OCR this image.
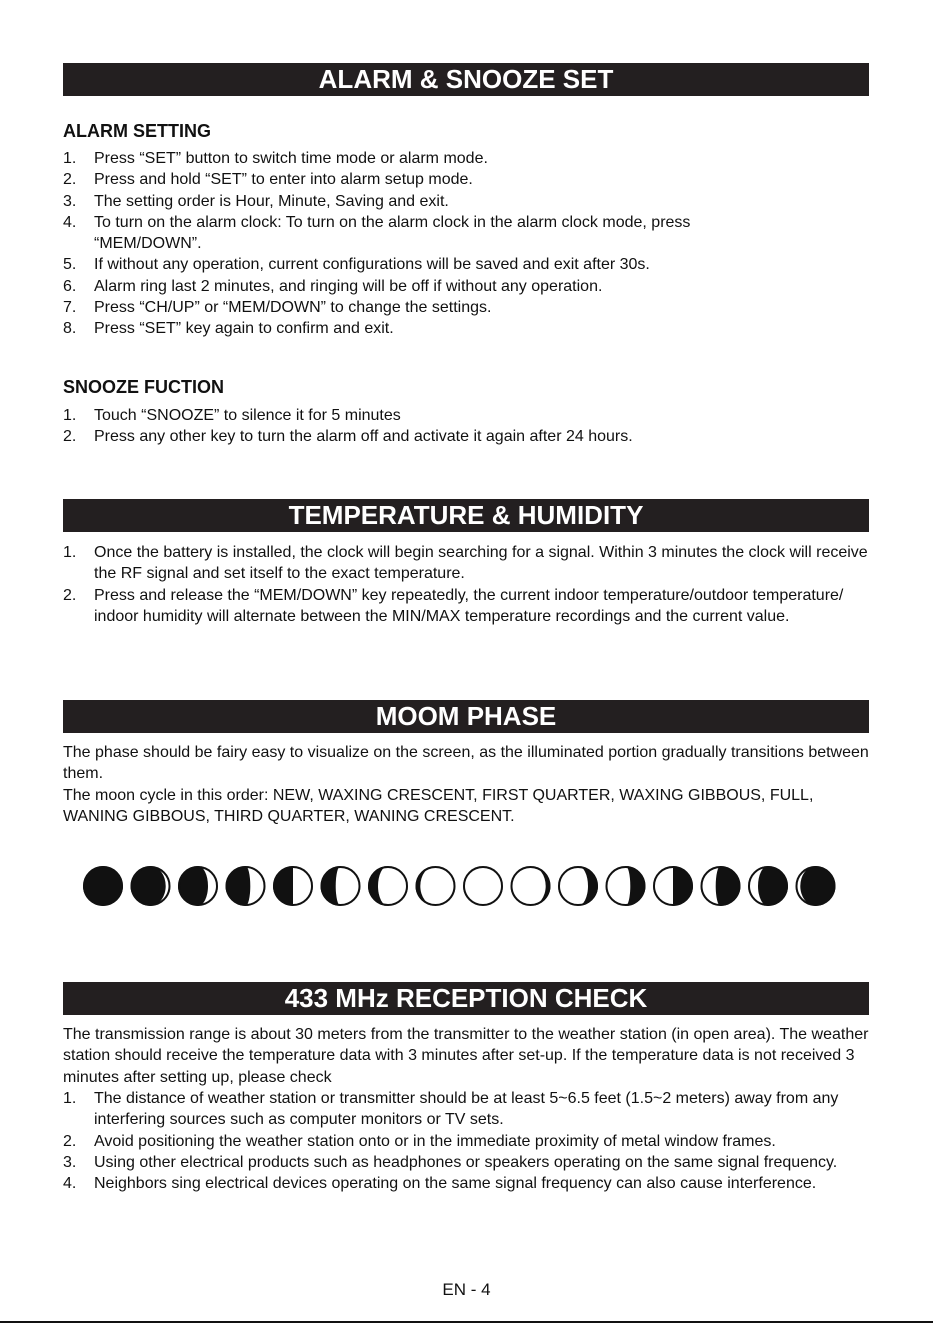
ALARM & SNOOZE SET
ALARM SETTING
1. Press “SET” button to switch time mode or alarm mode.
2. Press and hold “SET” to enter into alarm setup mode.
3. The setting order is Hour, Minute, Saving and exit.
4. To turn on the alarm clock: To turn on the alarm clock in the alarm clock mode, press “MEM/DOWN”.
5. If without any operation, current configurations will be saved and exit after 30s.
6. Alarm ring last 2 minutes, and ringing will be off if without any operation.
7. Press “CH/UP” or “MEM/DOWN” to change the settings.
8. Press “SET” key again to confirm and exit.
SNOOZE FUCTION
1. Touch “SNOOZE” to silence it for 5 minutes
2. Press any other key to turn the alarm off and activate it again after 24 hours.
TEMPERATURE & HUMIDITY
1. Once the battery is installed, the clock will begin searching for a signal. Within 3 minutes the clock will receive the RF signal and set itself to the exact temperature.
2. Press and release the “MEM/DOWN” key repeatedly, the current indoor temperature/outdoor temperature/ indoor humidity will alternate between the MIN/MAX temperature recordings and the current value.
MOOM PHASE

The phase should be fairy easy to visualize on the screen, as the illuminated portion gradually transitions between them.

The moon cycle in this order: NEW, WAXING CRESCENT, FIRST QUARTER, WAXING GIBBOUS, FULL, WANING GIBBOUS, THIRD QUARTER, WANING CRESCENT.

433 MHz RECEPTION CHECK

The transmission range is about 30 meters from the transmitter to the weather station (in open area). The weather station should receive the temperature data with 3 minutes after set-up. If the temperature data is not received 3 minutes after setting up, please check

1. The distance of weather station or transmitter should be at least 5~6.5 feet (1.5~2 meters) away from any interfering sources such as computer monitors or TV sets.
2. Avoid positioning the weather station onto or in the immediate proximity of metal window frames.
3. Using other electrical products such as headphones or speakers operating on the same signal frequency.
4. Neighbors sing electrical devices operating on the same signal frequency can also cause interference.
EN - 4
